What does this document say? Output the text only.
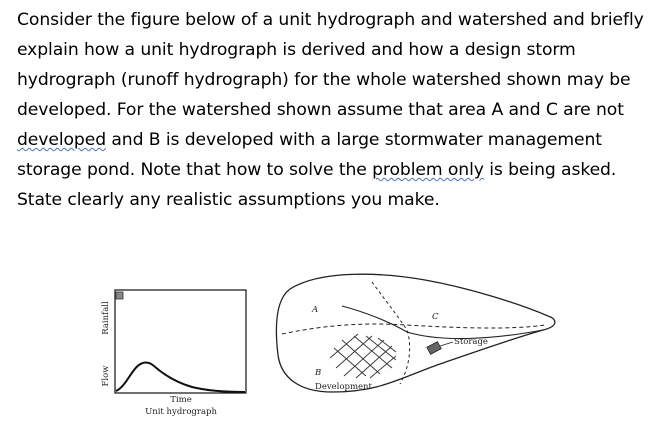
Consider the figure below of a unit hydrograph and watershed and briefly
explain how a unit hydrograph is derived and how a design storm
hydrograph (runoff hydrograph) for the whole watershed shown may be
developed. For the watershed shown assume that area A and C are not
developed and B is developed with a large stormwater management
storage pond. Note that how to solve the problem only is being asked.
State clearly any realistic assumptions you make.
Rainfall
Flow
Time
Unit hydrograph
A
B
C
Storage
Development
